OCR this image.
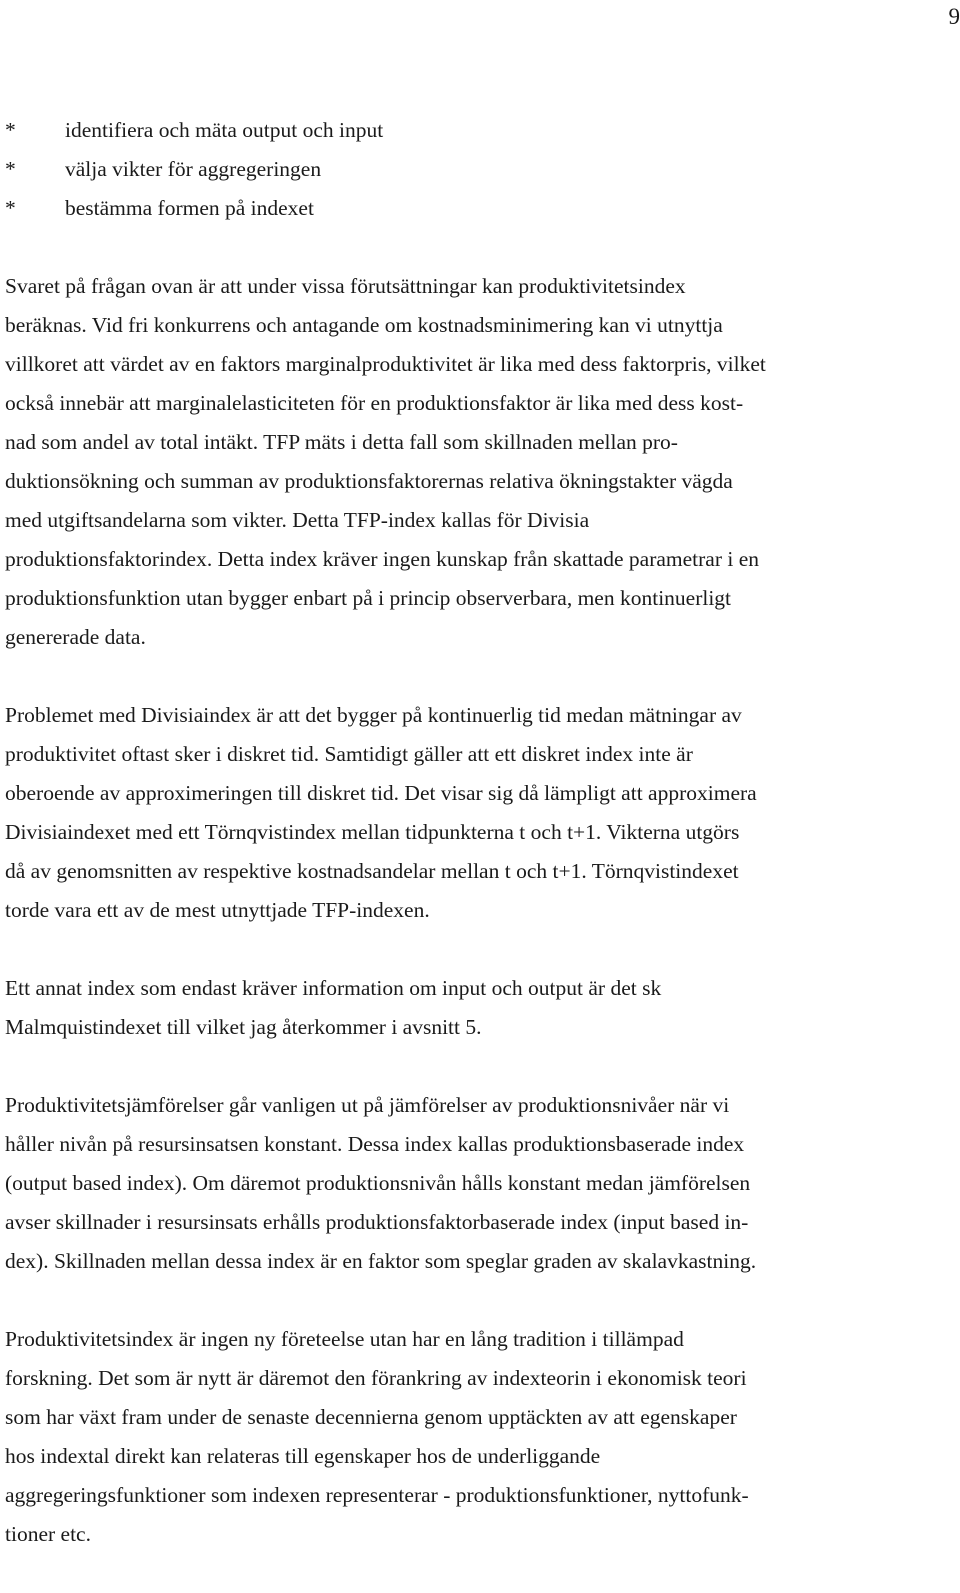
9
*	identifiera och mäta output och input
*	välja vikter för aggregeringen
*	bestämma formen på indexet
Svaret på frågan ovan är att under vissa förutsättningar kan produktivitetsindex
beräknas. Vid fri konkurrens och antagande om kostnadsminimering kan vi utnyttja
villkoret att värdet av en faktors marginalproduktivitet är lika med dess faktorpris, vilket
också innebär att marginalelasticiteten för en produktionsfaktor är lika med dess kost-
nad som andel av total intäkt. TFP mäts i detta fall som skillnaden mellan pro-
duktionsökning och summan av produktionsfaktorernas relativa ökningstakter vägda
med utgiftsandelarna som vikter. Detta TFP-index kallas för Divisia
produktionsfaktorindex. Detta index kräver ingen kunskap från skattade parametrar i en
produktionsfunktion utan bygger enbart på i princip observerbara, men kontinuerligt
genererade data.
Problemet med Divisiaindex är att det bygger på kontinuerlig tid medan mätningar av
produktivitet oftast sker i diskret tid. Samtidigt gäller att ett diskret index inte är
oberoende av approximeringen till diskret tid. Det visar sig då lämpligt att approximera
Divisiaindexet med ett Törnqvistindex mellan tidpunkterna t och t+1. Vikterna utgörs
då av genomsnitten av respektive kostnadsandelar mellan t och t+1. Törnqvistindexet
torde vara ett av de mest utnyttjade TFP-indexen.
Ett annat index som endast kräver information om input och output är det sk
Malmquistindexet till vilket jag återkommer i avsnitt 5.
Produktivitetsjämförelser går vanligen ut på jämförelser av produktionsnivåer när vi
håller nivån på resursinsatsen konstant. Dessa index kallas produktionsbaserade index
(output based index). Om däremot produktionsnivån hålls konstant medan jämförelsen
avser skillnader i resursinsats erhålls produktionsfaktorbaserade index (input based in-
dex). Skillnaden mellan dessa index är en faktor som speglar graden av skalavkastning.
Produktivitetsindex är ingen ny företeelse utan har en lång tradition i tillämpad
forskning. Det som är nytt är däremot den förankring av indexteorin i ekonomisk teori
som har växt fram under de senaste decennierna genom upptäckten av att egenskaper
hos indextal direkt kan relateras till egenskaper hos de underliggande
aggregeringsfunktioner som indexen representerar - produktionsfunktioner, nyttofunk-
tioner etc.
